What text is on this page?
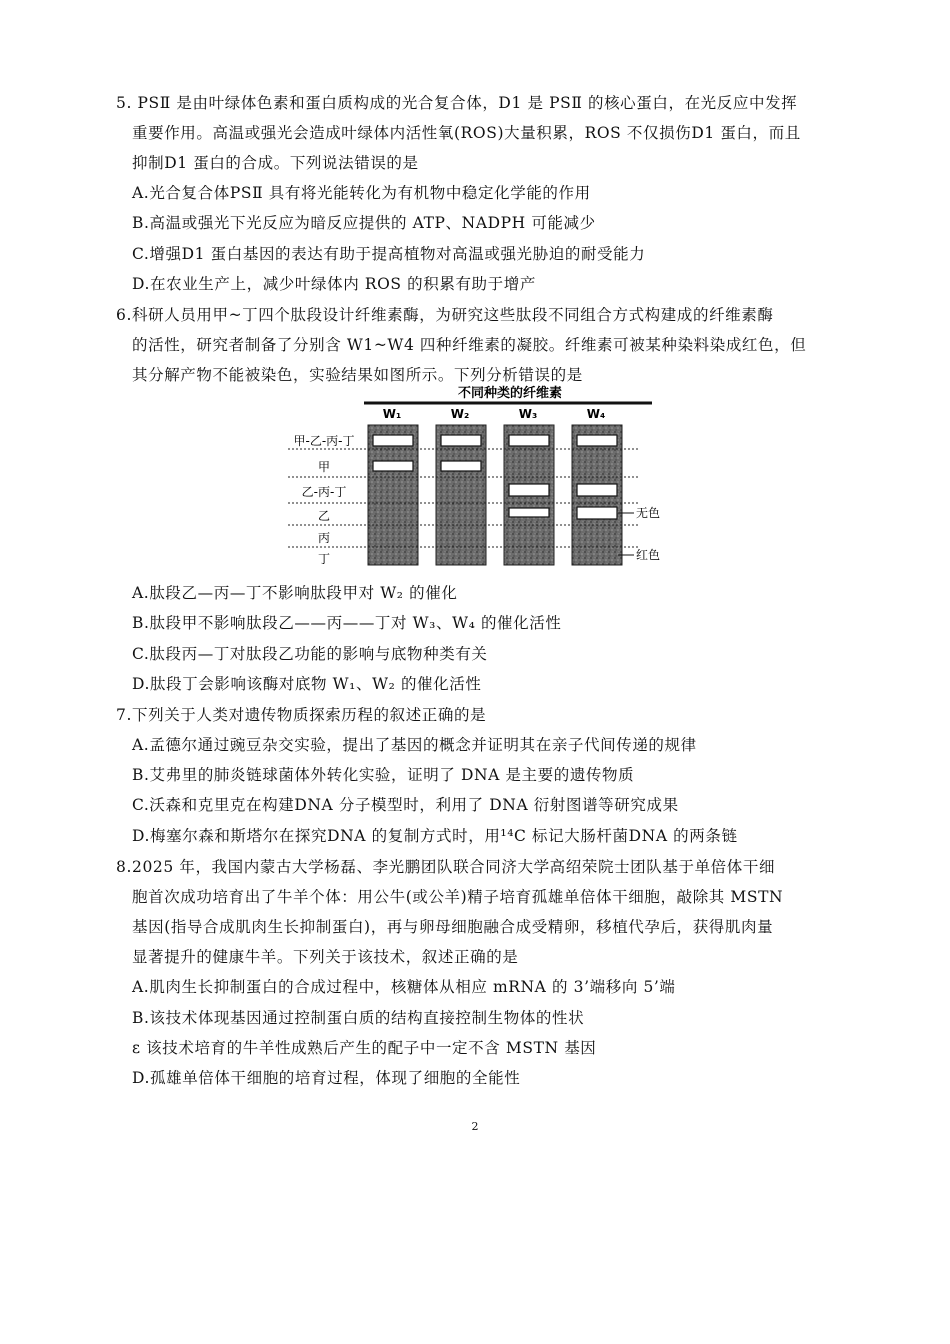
5. PSⅡ 是由叶绿体色素和蛋白质构成的光合复合体，D1 是 PSⅡ 的核心蛋白，在光反应中发挥
重要作用。高温或强光会造成叶绿体内活性氧(ROS)大量积累，ROS 不仅损伤D1 蛋白，而且
抑制D1 蛋白的合成。下列说法错误的是
A.光合复合体PSⅡ 具有将光能转化为有机物中稳定化学能的作用
B.高温或强光下光反应为暗反应提供的 ATP、NADPH 可能减少
C.增强D1 蛋白基因的表达有助于提高植物对高温或强光胁迫的耐受能力
D.在农业生产上，减少叶绿体内 ROS 的积累有助于增产
6.科研人员用甲~丁四个肽段设计纤维素酶，为研究这些肽段不同组合方式构建成的纤维素酶
的活性，研究者制备了分别含 W1~W4 四种纤维素的凝胶。纤维素可被某种染料染成红色，但
其分解产物不能被染色，实验结果如图所示。下列分析错误的是
不同种类的纤维素
W₁	W₂	W₃	W₄
甲-乙-丙-丁
甲
乙-丙-丁
乙
丙
丁
无色
红色
A.肽段乙—丙—丁不影响肽段甲对 W₂ 的催化
B.肽段甲不影响肽段乙——丙——丁对 W₃、W₄ 的催化活性
C.肽段丙—丁对肽段乙功能的影响与底物种类有关
D.肽段丁会影响该酶对底物 W₁、W₂ 的催化活性
7.下列关于人类对遗传物质探索历程的叙述正确的是
A.孟德尔通过豌豆杂交实验，提出了基因的概念并证明其在亲子代间传递的规律
B.艾弗里的肺炎链球菌体外转化实验，证明了 DNA 是主要的遗传物质
C.沃森和克里克在构建DNA 分子模型时，利用了 DNA 衍射图谱等研究成果
D.梅塞尔森和斯塔尔在探究DNA 的复制方式时，用¹⁴C 标记大肠杆菌DNA 的两条链
8.2025 年，我国内蒙古大学杨磊、李光鹏团队联合同济大学高绍荣院士团队基于单倍体干细
胞首次成功培育出了牛羊个体：用公牛(或公羊)精子培育孤雄单倍体干细胞，敲除其 MSTN
基因(指导合成肌肉生长抑制蛋白)，再与卵母细胞融合成受精卵，移植代孕后，获得肌肉量
显著提升的健康牛羊。下列关于该技术，叙述正确的是
A.肌肉生长抑制蛋白的合成过程中，核糖体从相应 mRNA 的 3’端移向 5’端
B.该技术体现基因通过控制蛋白质的结构直接控制生物体的性状
ε 该技术培育的牛羊性成熟后产生的配子中一定不含 MSTN 基因
D.孤雄单倍体干细胞的培育过程，体现了细胞的全能性
2
